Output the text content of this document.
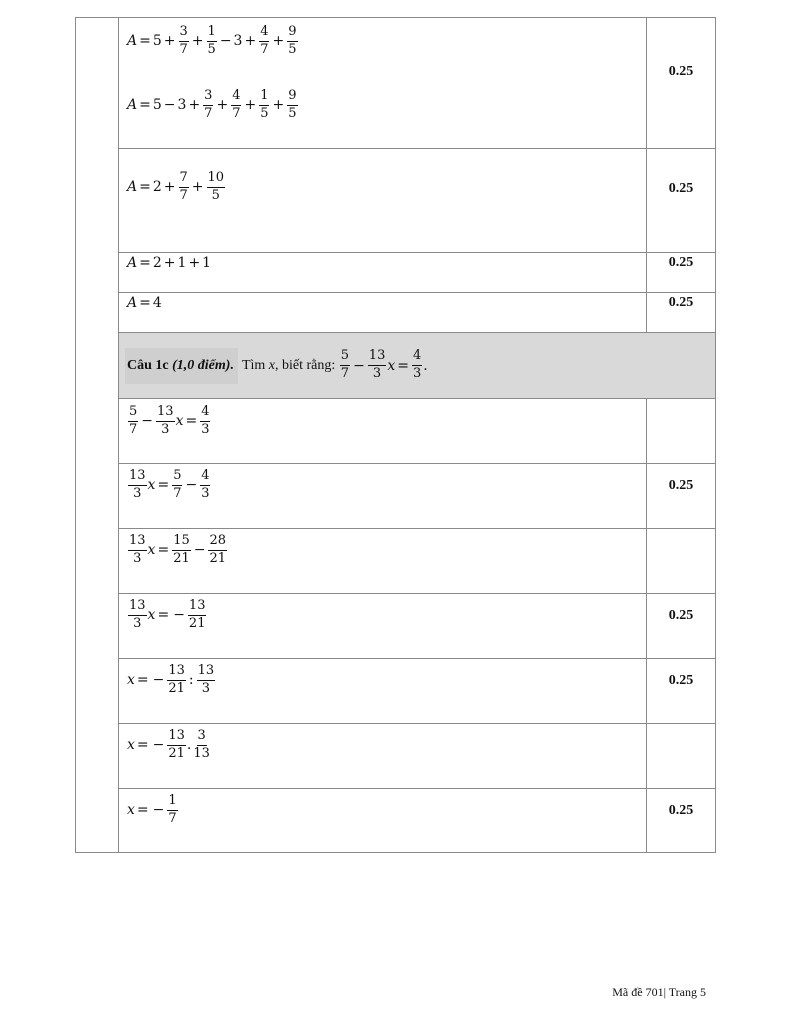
$A = 5 + \frac{3}{7} + \frac{1}{5} - 3 + \frac{4}{7} + \frac{9}{5}$
$A = 5 - 3 + \frac{3}{7} + \frac{4}{7} + \frac{1}{5} + \frac{9}{5}$
0.25
$A = 2 + \frac{7}{7} + \frac{10}{5}$	0.25
A = 2 + 1 + 1	0.25
A = 4	0.25
Câu 1c (1,0 điểm). Tìm
x , biết rằng:
$\frac{5}{7} - \frac{13}{3}$ $x = \frac{4}{3}$ .
$\frac{5}{7} - \frac{13}{3}$ $x = \frac{4}{3}$
$\frac{13}{3}$ $x = \frac{5}{7} - \frac{4}{3}$	0.25
$\frac{13}{3}$ $x = \frac{15}{21} - \frac{28}{21}$
$\frac{13}{3}$ x = − $\frac{13}{21}$	0.25
x = − $\frac{13}{21}$ : $\frac{13}{3}$	0.25
x = − $\frac{13}{21}$ . $\frac{3}{13}$
x = − $\frac{1}{7}$	0.25
Mã đề 701| Trang 5
